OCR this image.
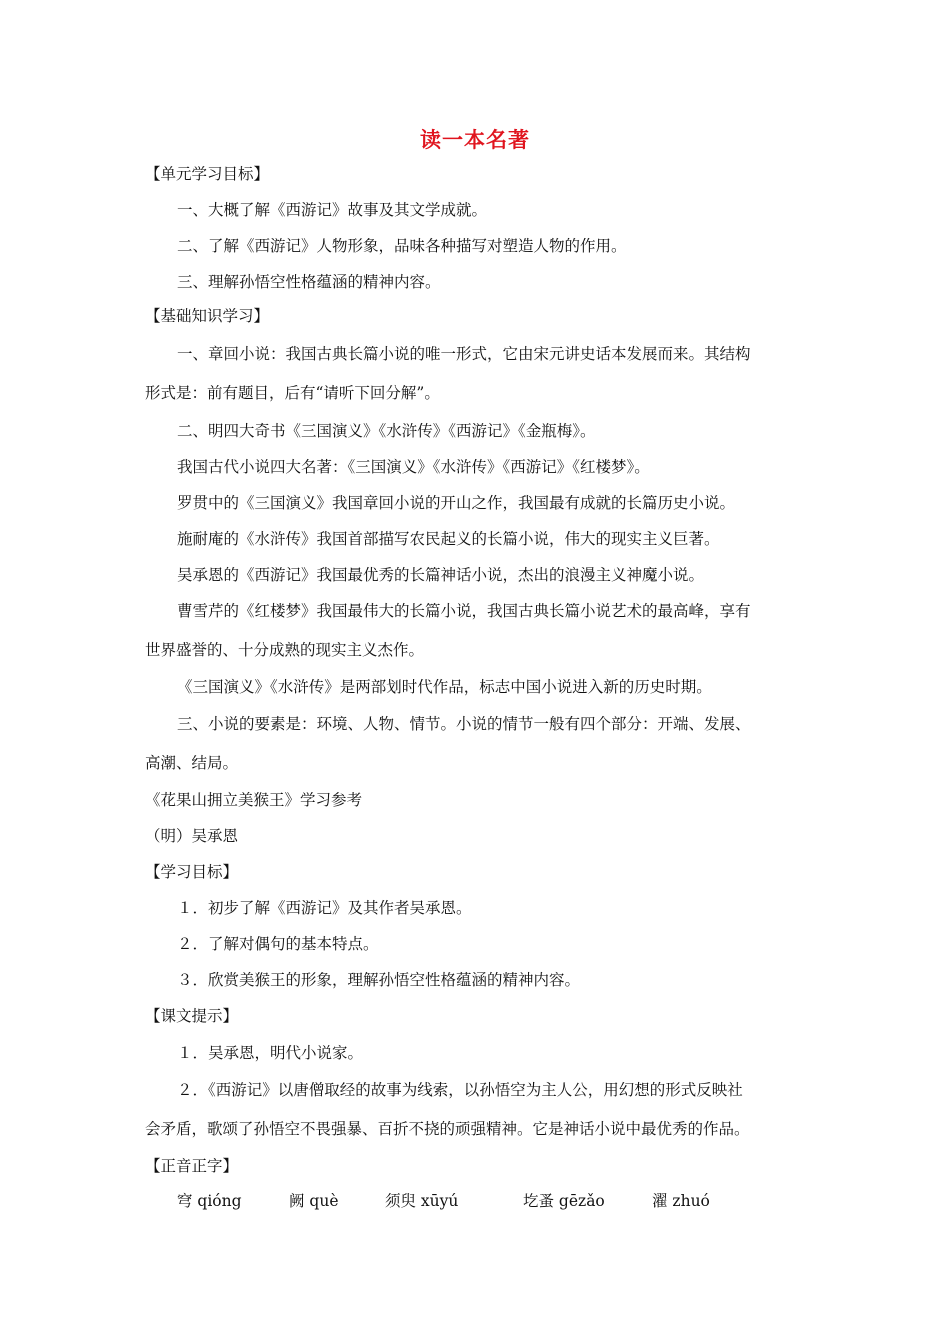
读一本名著
【单元学习目标】
一、大概了解《西游记》故事及其文学成就。
二、了解《西游记》人物形象，品味各种描写对塑造人物的作用。
三、理解孙悟空性格蕴涵的精神内容。
【基础知识学习】
一、章回小说：我国古典长篇小说的唯一形式，它由宋元讲史话本发展而来。其结构
形式是：前有题目，后有“请听下回分解”。
二、明四大奇书《三国演义》《水浒传》《西游记》《金瓶梅》。
我国古代小说四大名著：《三国演义》《水浒传》《西游记》《红楼梦》。
罗贯中的《三国演义》我国章回小说的开山之作，我国最有成就的长篇历史小说。
施耐庵的《水浒传》我国首部描写农民起义的长篇小说，伟大的现实主义巨著。
吴承恩的《西游记》我国最优秀的长篇神话小说，杰出的浪漫主义神魔小说。
曹雪芹的《红楼梦》我国最伟大的长篇小说，我国古典长篇小说艺术的最高峰，享有
世界盛誉的、十分成熟的现实主义杰作。
《三国演义》《水浒传》是两部划时代作品，标志中国小说进入新的历史时期。
三、小说的要素是：环境、人物、情节。小说的情节一般有四个部分：开端、发展、
高潮、结局。
《花果山拥立美猴王》学习参考
（明）吴承恩
【学习目标】
１．初步了解《西游记》及其作者吴承恩。
２．了解对偶句的基本特点。
３．欣赏美猴王的形象，理解孙悟空性格蕴涵的精神内容。
【课文提示】
１．吴承恩，明代小说家。
２．《西游记》以唐僧取经的故事为线索，以孙悟空为主人公，用幻想的形式反映社
会矛盾，歌颂了孙悟空不畏强暴、百折不挠的顽强精神。它是神话小说中最优秀的作品。
【正音正字】
穹 qióng	阙 què	须臾 xūyú	圪蚤 gēzǎo	濯 zhuó
